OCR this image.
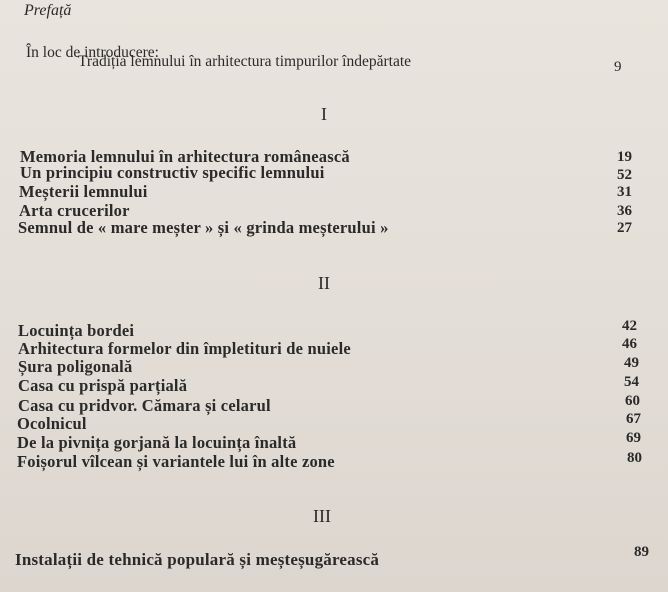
Prefață
În loc de introducere:
Tradiția lemnului în arhitectura timpurilor îndepărtate	9
I
Memoria lemnului în arhitectura românească	19
Un principiu constructiv specific lemnului	52
Meșterii lemnului	31
Arta crucerilor	36
Semnul de « mare meșter » și « grinda meșterului »	27
II
Locuința bordei	42
Arhitectura formelor din împletituri de nuiele	46
Șura poligonală	49
Casa cu prispă parțială	54
Casa cu pridvor. Cămara și celarul	60
Ocolnicul	67
De la pivnița gorjană la locuința înaltă	69
Foișorul vîlcean și variantele lui în alte zone	80
III
Instalații de tehnică populară și meșteșugărească	89
